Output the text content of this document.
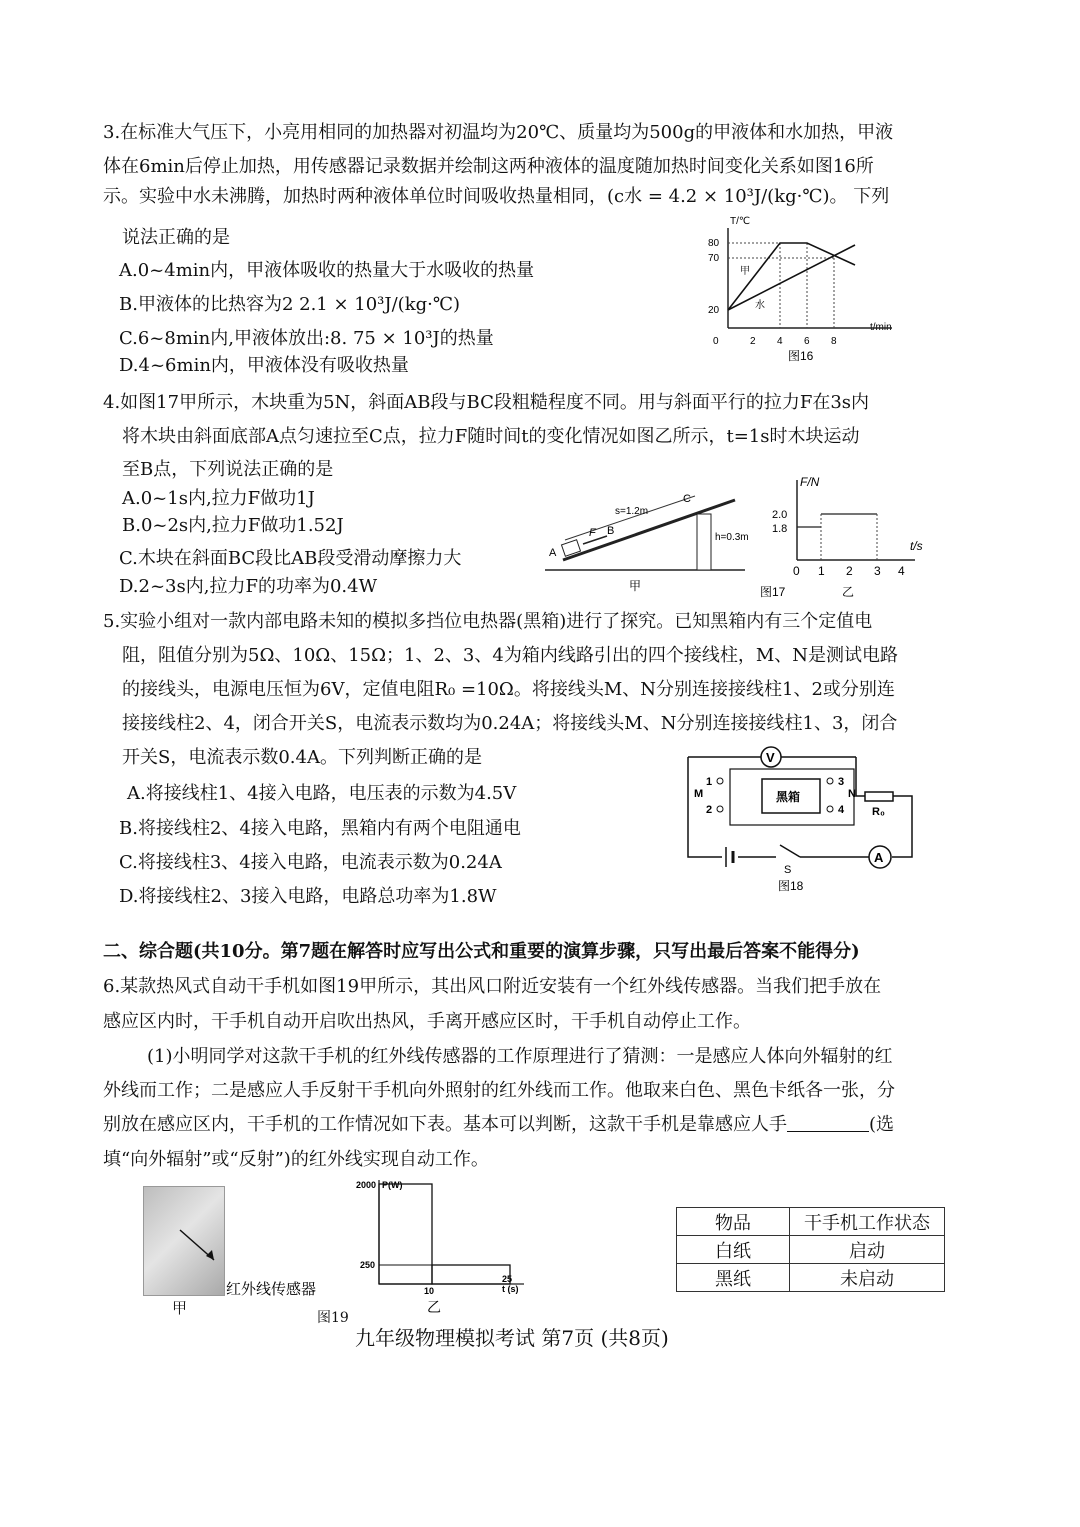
3.在标准大气压下，小亮用相同的加热器对初温均为20℃、质量均为500g的甲液体和水加热，甲液
体在6min后停止加热，用传感器记录数据并绘制这两种液体的温度随加热时间变化关系如图16所
示。实验中水未沸腾，加热时两种液体单位时间吸收热量相同，(c水 = 4.2 × 10³J/(kg·℃)。 下列
说法正确的是
A.0~4min内，甲液体吸收的热量大于水吸收的热量
B.甲液体的比热容为2 2.1 × 10³J/(kg·℃)
C.6~8min内,甲液体放出:8. 75 × 10³J的热量
D.4~6min内，甲液体没有吸收热量
T/℃
t/min
80
70
20
0	2 4 6 8
甲
水
图16
4.如图17甲所示，木块重为5N，斜面AB段与BC段粗糙程度不同。用与斜面平行的拉力F在3s内
将木块由斜面底部A点匀速拉至C点，拉力F随时间t的变化情况如图乙所示，t=1s时木块运动
至B点，下列说法正确的是
A.0~1s内,拉力F做功1J
B.0~2s内,拉力F做功1.52J
C.木块在斜面BC段比AB段受滑动摩擦力大
D.2~3s内,拉力F的功率为0.4W
s=1.2m
h=0.3m
A
B
C
F
甲
F/N
t/s
2.0
1.8
0 1 2 3 4
图17	乙
5.实验小组对一款内部电路未知的模拟多挡位电热器(黑箱)进行了探究。已知黑箱内有三个定值电
阻，阻值分别为5Ω、10Ω、15Ω；1、2、3、4为箱内线路引出的四个接线柱，M、N是测试电路
的接线头，电源电压恒为6V，定值电阻R₀ =10Ω。将接线头M、N分别连接接线柱1、2或分别连
接接线柱2、4，闭合开关S，电流表示数均为0.24A；将接线头M、N分别连接接线柱1、3，闭合
开关S，电流表示数0.4A。下列判断正确的是
A.将接线柱1、4接入电路，电压表的示数为4.5V
B.将接线柱2、4接入电路，黑箱内有两个电阻通电
C.将接线柱3、4接入电路，电流表示数为0.24A
D.将接线柱2、3接入电路，电路总功率为1.8W
V
A
S
M	N
R₀
黑箱
1
2
3
4
图18
二、综合题(共10分。第7题在解答时应写出公式和重要的演算步骤，只写出最后答案不能得分)
6.某款热风式自动干手机如图19甲所示，其出风口附近安装有一个红外线传感器。当我们把手放在
感应区内时，干手机自动开启吹出热风，手离开感应区时，干手机自动停止工作。
(1)小明同学对这款干手机的红外线传感器的工作原理进行了猜测：一是感应人体向外辐射的红
外线而工作；二是感应人手反射干手机向外照射的红外线而工作。他取来白色、黑色卡纸各一张，分
别放在感应区内，干手机的工作情况如下表。基本可以判断，这款干手机是靠感应人手	(选
填“向外辐射”或“反射”)的红外线实现自动工作。
红外线传感器
甲
图19
P(W)
t (s)
2000
250
10
25
乙
物品	干手机工作状态
白纸	启动
黑纸	未启动
九年级物理模拟考试 第7页 (共8页)
